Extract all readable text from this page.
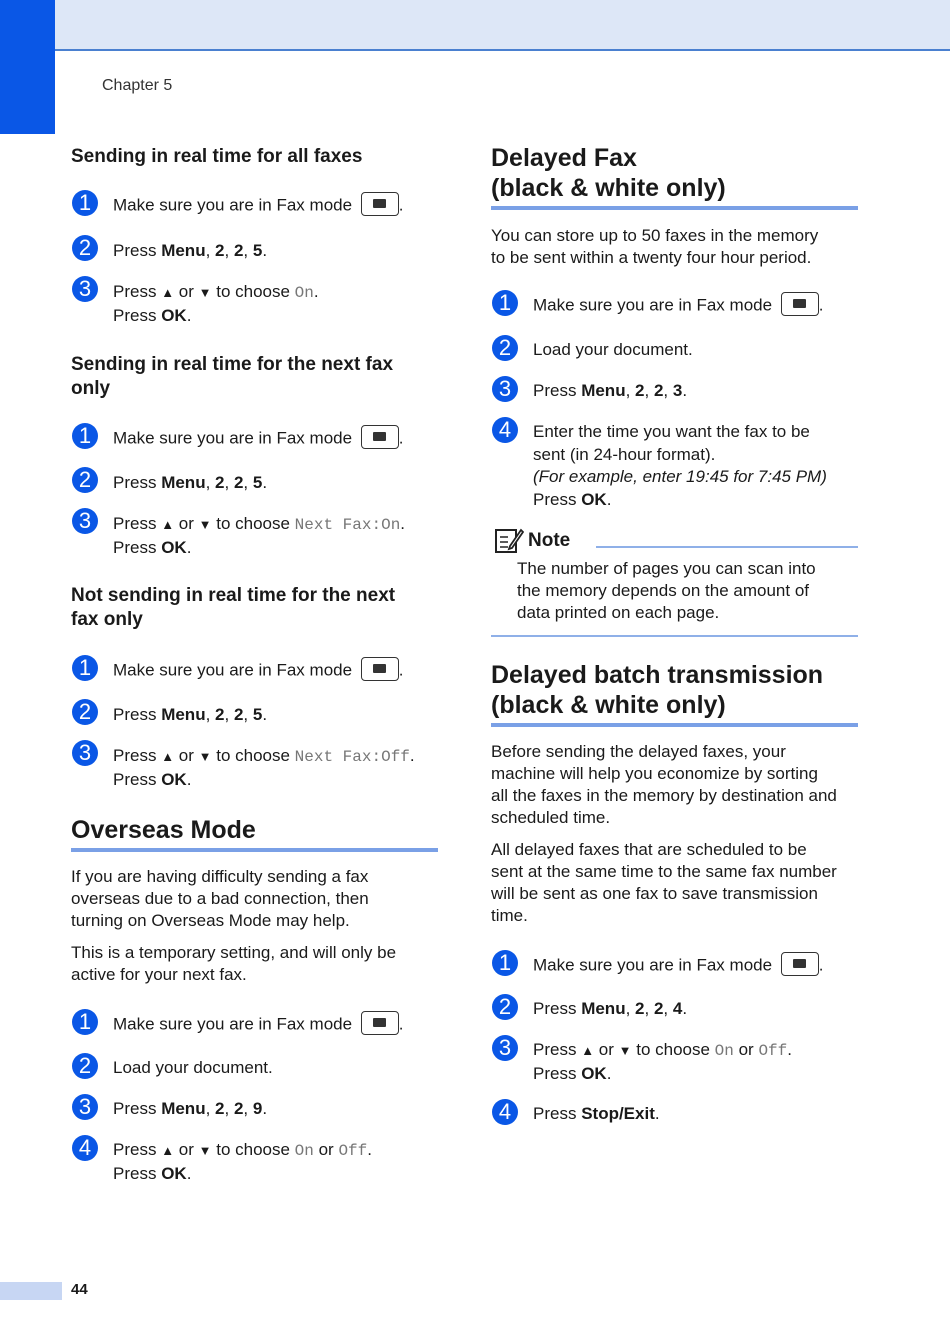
Chapter 5
Sending in real time for all faxes
1	Make sure you are in Fax mode	.
2	Press Menu, 2, 2, 5.
3	Press ▲ or ▼ to choose On.
Press OK.
Sending in real time for the next fax
only
1	Make sure you are in Fax mode	.
2	Press Menu, 2, 2, 5.
3	Press ▲ or ▼ to choose Next Fax:On.
Press OK.
Not sending in real time for the next
fax only
1	Make sure you are in Fax mode	.
2	Press Menu, 2, 2, 5.
3	Press ▲ or ▼ to choose Next Fax:Off.
Press OK.
Overseas Mode
If you are having difficulty sending a fax
overseas due to a bad connection, then
turning on Overseas Mode may help.
This is a temporary setting, and will only be
active for your next fax.
1	Make sure you are in Fax mode	.
2	Load your document.
3	Press Menu, 2, 2, 9.
4	Press ▲ or ▼ to choose On or Off.
Press OK.
Delayed Fax
(black & white only)
You can store up to 50 faxes in the memory
to be sent within a twenty four hour period.
1	Make sure you are in Fax mode	.
2	Load your document.
3	Press Menu, 2, 2, 3.
4	Enter the time you want the fax to be
sent (in 24-hour format).
(For example, enter 19:45 for 7:45 PM)
Press OK.
Note
The number of pages you can scan into
the memory depends on the amount of
data printed on each page.
Delayed batch transmission
(black & white only)
Before sending the delayed faxes, your
machine will help you economize by sorting
all the faxes in the memory by destination and
scheduled time.
All delayed faxes that are scheduled to be
sent at the same time to the same fax number
will be sent as one fax to save transmission
time.
1	Make sure you are in Fax mode	.
2	Press Menu, 2, 2, 4.
3	Press ▲ or ▼ to choose On or Off.
Press OK.
4	Press Stop/Exit.
44
